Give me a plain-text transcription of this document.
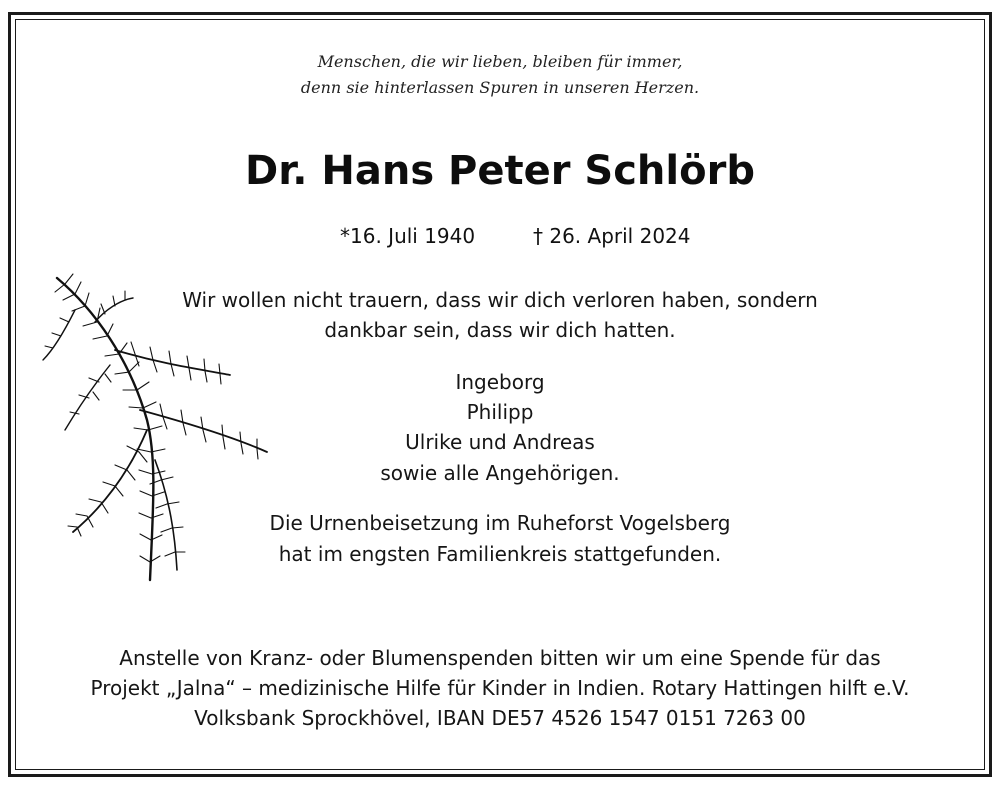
Menschen, die wir lieben, bleiben für immer,
denn sie hinterlassen Spuren in unseren Herzen.
Dr. Hans Peter Schlörb
*16. Juli 1940	† 26. April 2024
Wir wollen nicht trauern, dass wir dich verloren haben, sondern
dankbar sein, dass wir dich hatten.
Ingeborg
Philipp
Ulrike und Andreas
sowie alle Angehörigen.
Die Urnenbeisetzung im Ruheforst Vogelsberg
hat im engsten Familienkreis stattgefunden.
Anstelle von Kranz- oder Blumenspenden bitten wir um eine Spende für das
Projekt „Jalna“ – medizinische Hilfe für Kinder in Indien. Rotary Hattingen hilft e.V.
Volksbank Sprockhövel, IBAN DE57 4526 1547 0151 7263 00
